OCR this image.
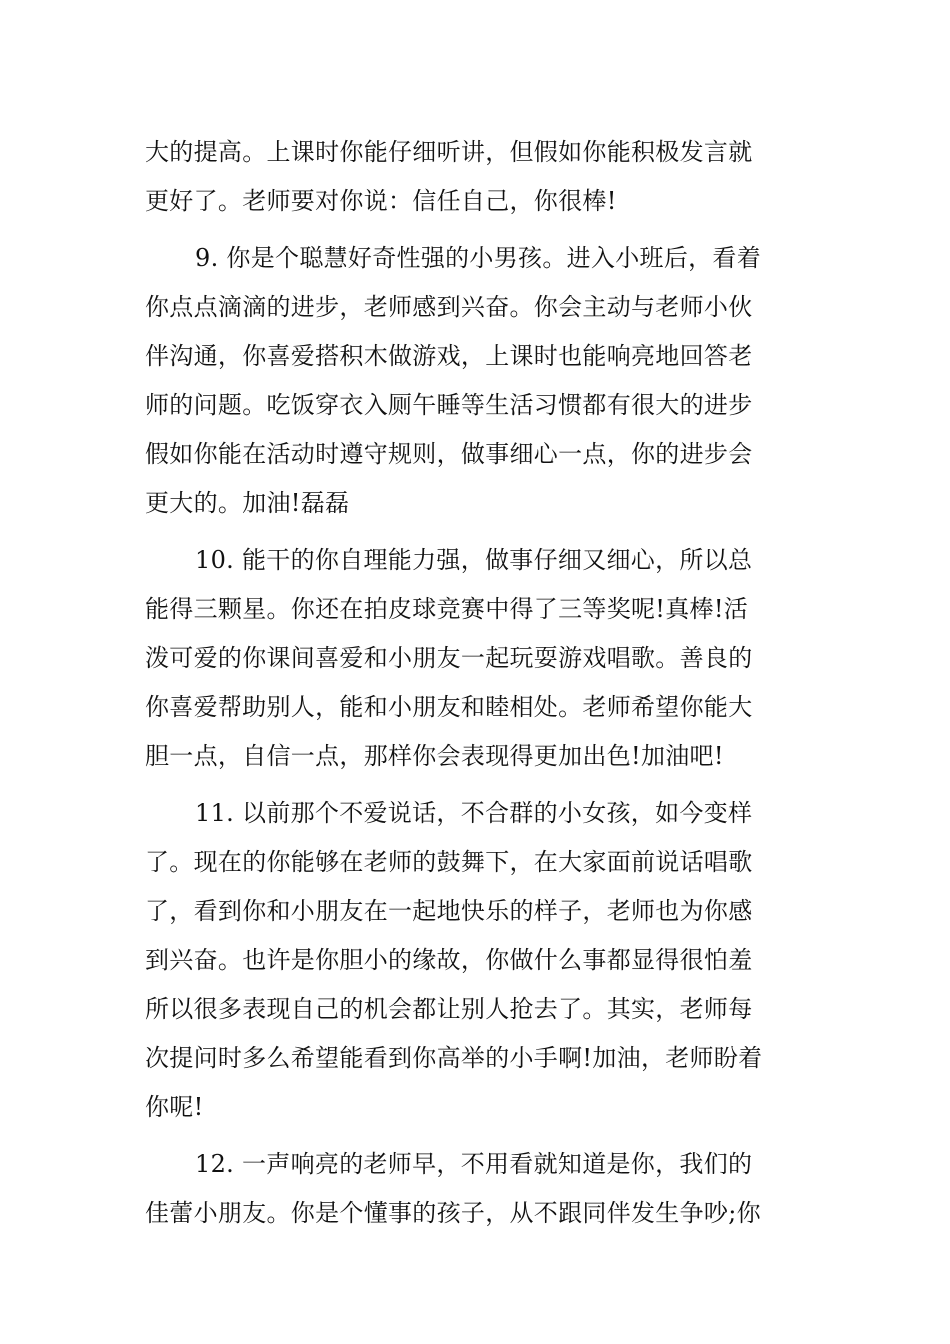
大的提高。上课时你能仔细听讲，但假如你能积极发言就
更好了。老师要对你说：信任自己，你很棒!
9. 你是个聪慧好奇性强的小男孩。进入小班后，看着
你点点滴滴的进步，老师感到兴奋。你会主动与老师小伙
伴沟通，你喜爱搭积木做游戏，上课时也能响亮地回答老
师的问题。吃饭穿衣入厕午睡等生活习惯都有很大的进步
假如你能在活动时遵守规则，做事细心一点，你的进步会
更大的。加油!磊磊
10. 能干的你自理能力强，做事仔细又细心，所以总
能得三颗星。你还在拍皮球竞赛中得了三等奖呢!真棒!活
泼可爱的你课间喜爱和小朋友一起玩耍游戏唱歌。善良的
你喜爱帮助别人，能和小朋友和睦相处。老师希望你能大
胆一点，自信一点，那样你会表现得更加出色!加油吧!
11. 以前那个不爱说话，不合群的小女孩，如今变样
了。现在的你能够在老师的鼓舞下，在大家面前说话唱歌
了，看到你和小朋友在一起地快乐的样子，老师也为你感
到兴奋。也许是你胆小的缘故，你做什么事都显得很怕羞
所以很多表现自己的机会都让别人抢去了。其实，老师每
次提问时多么希望能看到你高举的小手啊!加油，老师盼着
你呢!
12. 一声响亮的老师早，不用看就知道是你，我们的
佳蕾小朋友。你是个懂事的孩子，从不跟同伴发生争吵;你
